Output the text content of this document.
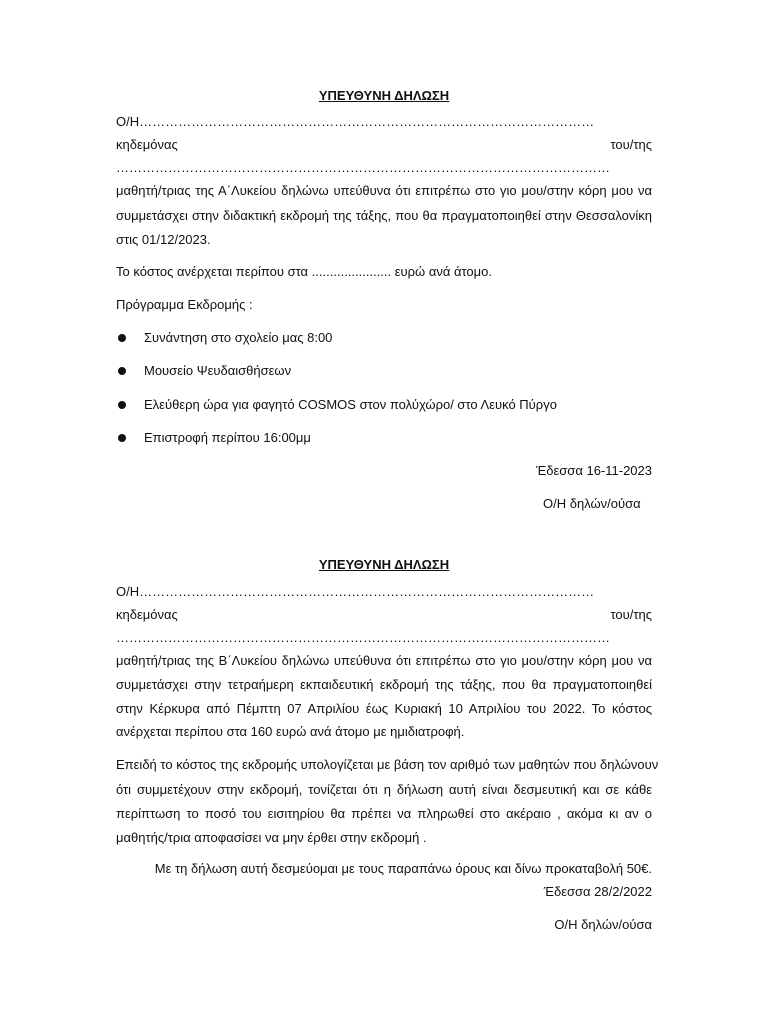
ΥΠΕΥΘΥΝΗ ΔΗΛΩΣΗ
Ο/Η……………………………………………………………………………………………
κηδεμόνας	του/της
……………………………………………………………………………………………………
μαθητή/τριας της Α΄Λυκείου δηλώνω υπεύθυνα ότι επιτρέπω στο γιο μου/στην κόρη μου να
συμμετάσχει στην διδακτική εκδρομή της τάξης, που θα πραγματοποιηθεί στην Θεσσαλονίκη
στις 01/12/2023.
Το κόστος ανέρχεται περίπου στα ...................... ευρώ ανά άτομο.
Πρόγραμμα Εκδρομής :
Συνάντηση στο σχολείο μας 8:00
Μουσείο Ψευδαισθήσεων
Ελεύθερη ώρα για φαγητό COSMOS στον πολύχώρο/ στο Λευκό Πύργο
Επιστροφή περίπου 16:00μμ
Έδεσσα 16-11-2023
Ο/Η δηλών/ούσα
ΥΠΕΥΘΥΝΗ ΔΗΛΩΣΗ
Ο/Η……………………………………………………………………………………………
κηδεμόνας	του/της
……………………………………………………………………………………………………
μαθητή/τριας της Β΄Λυκείου δηλώνω υπεύθυνα ότι επιτρέπω στο γιο μου/στην κόρη μου να
συμμετάσχει στην τετραήμερη εκπαιδευτική εκδρομή της τάξης, που θα πραγματοποιηθεί
στην Κέρκυρα από Πέμπτη 07 Απριλίου έως Κυριακή 10 Απριλίου του 2022. Το κόστος
ανέρχεται περίπου στα 160 ευρώ ανά άτομο με ημιδιατροφή.
Επειδή το κόστος της εκδρομής υπολογίζεται με βάση τον αριθμό των μαθητών που δηλώνουν
ότι συμμετέχουν στην εκδρομή, τονίζεται ότι η δήλωση αυτή είναι δεσμευτική και σε κάθε
περίπτωση το ποσό του εισιτηρίου θα πρέπει να πληρωθεί στο ακέραιο , ακόμα κι αν ο
μαθητής/τρια αποφασίσει να μην έρθει στην εκδρομή .
Με τη δήλωση αυτή δεσμεύομαι με τους παραπάνω όρους και δίνω προκαταβολή 50€.
Έδεσσα 28/2/2022
Ο/Η δηλών/ούσα
